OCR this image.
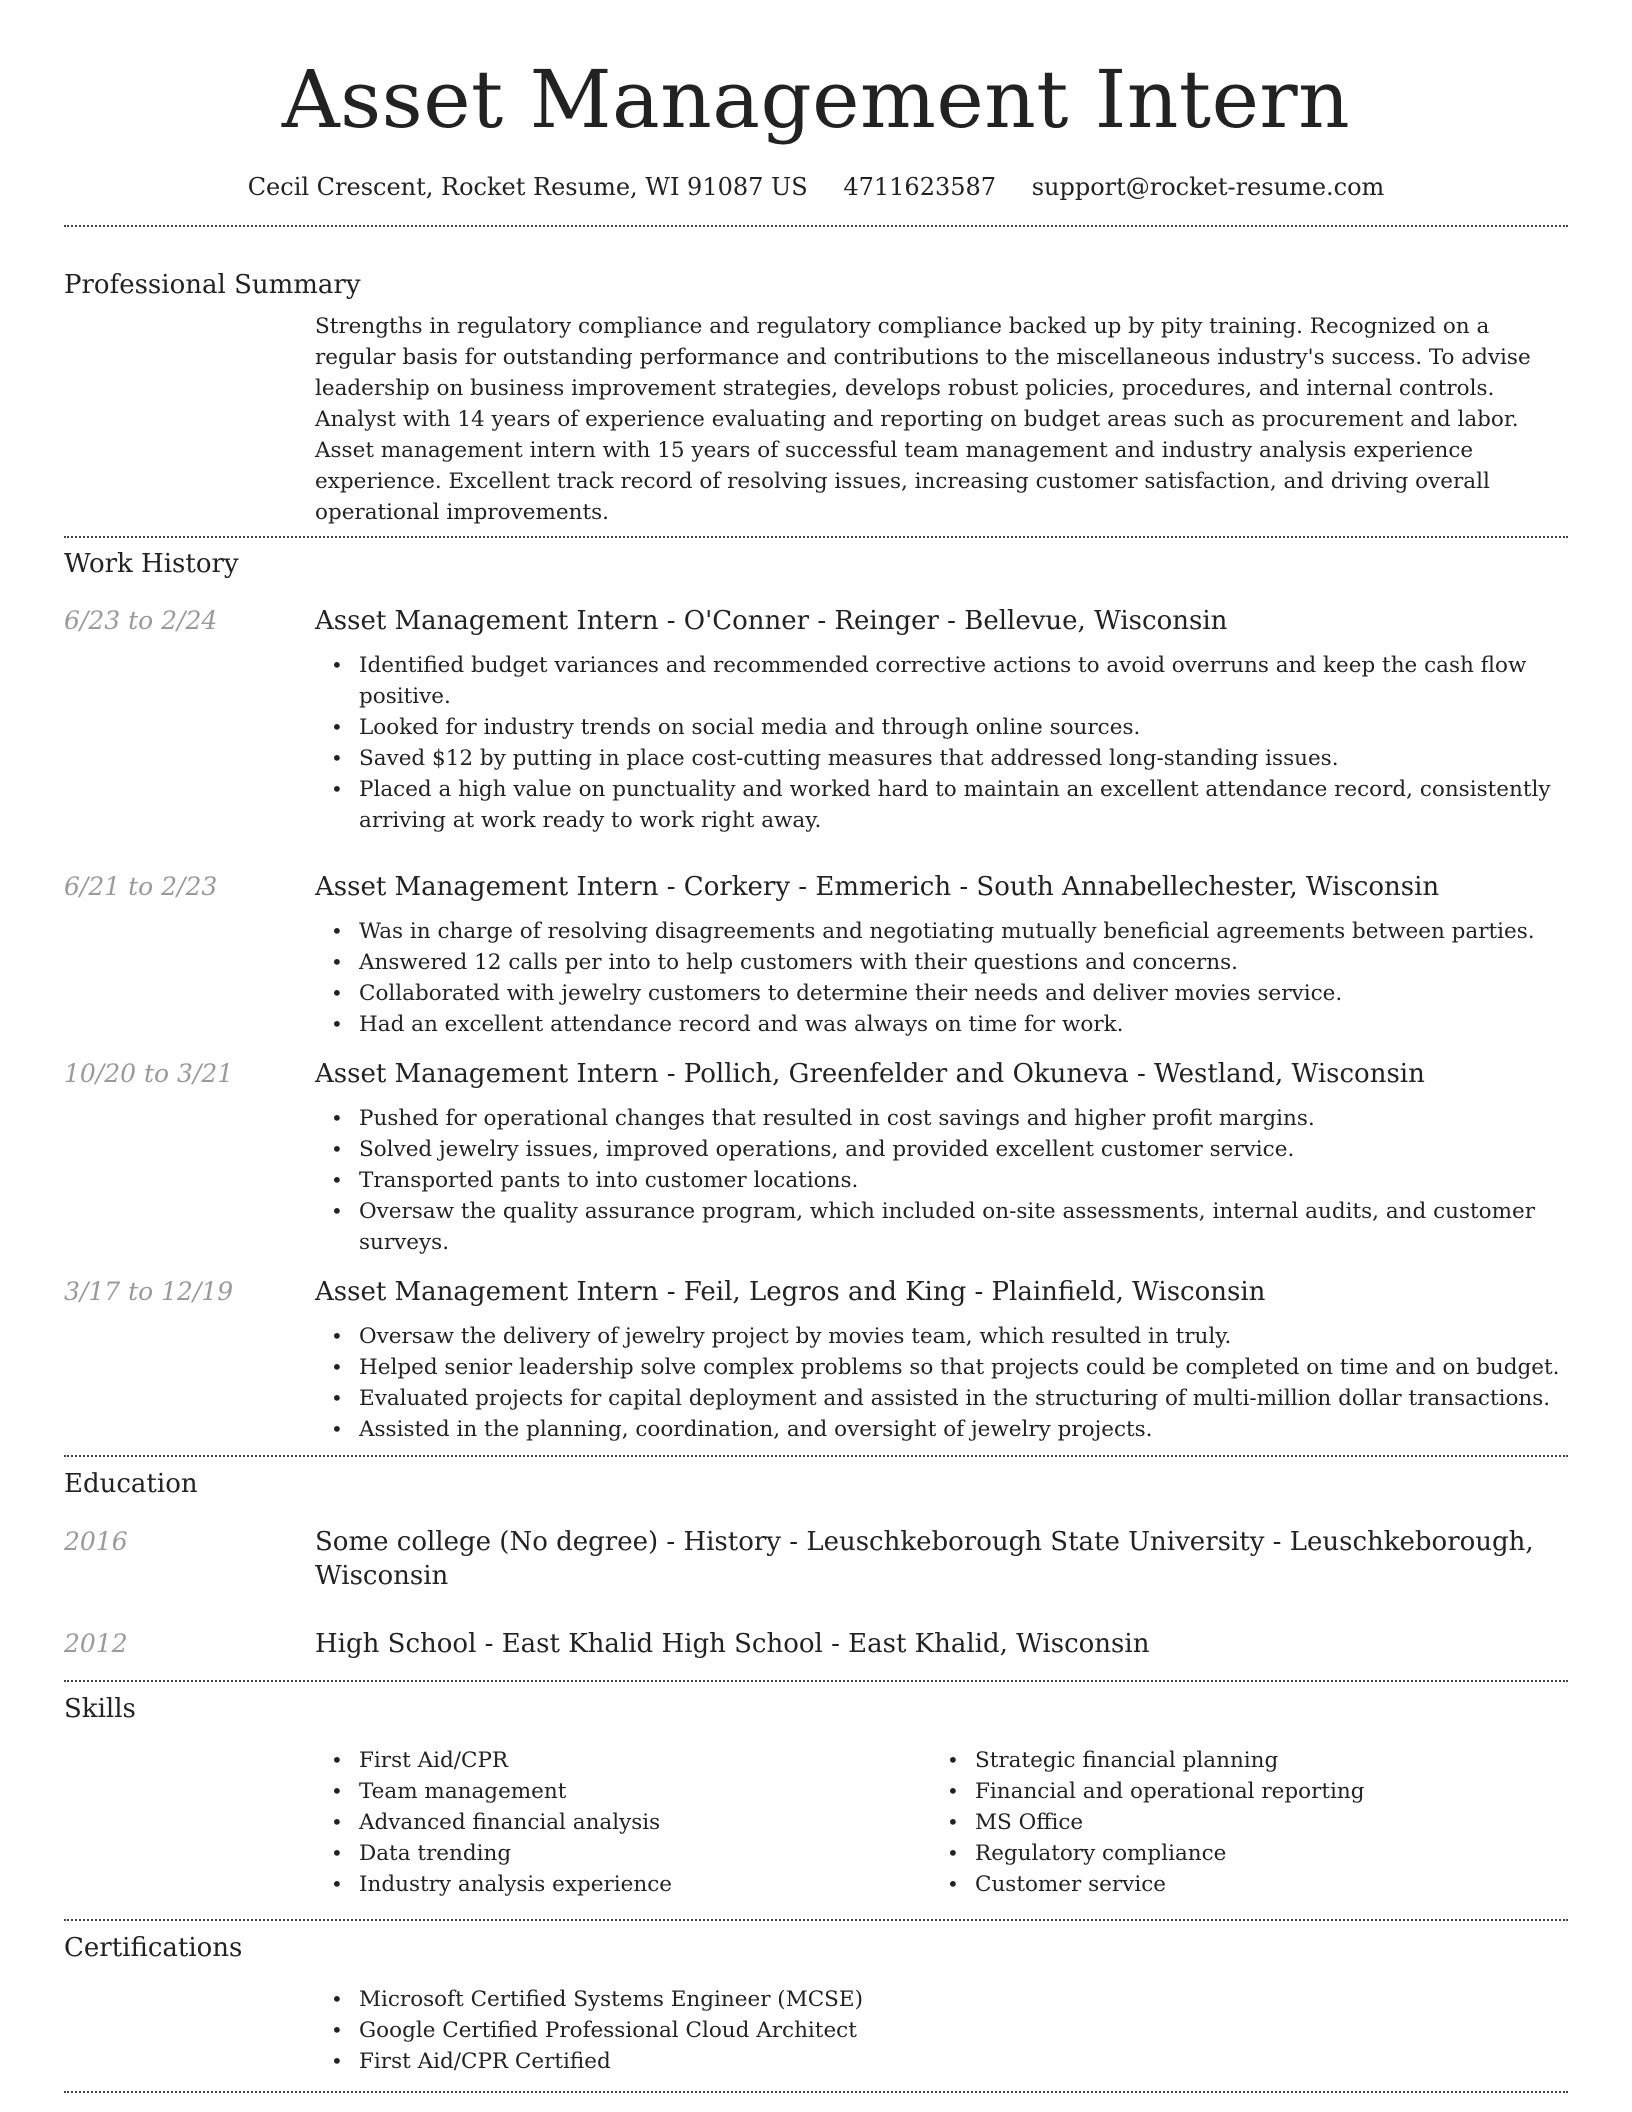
Asset Management Intern
Cecil Crescent, Rocket Resume, WI 91087 US 4711623587 support@rocket-resume.com
Professional Summary

Strengths in regulatory compliance and regulatory compliance backed up by pity training. Recognized on a regular basis for outstanding performance and contributions to the miscellaneous industry's success. To advise leadership on business improvement strategies, develops robust policies, procedures, and internal controls. Analyst with 14 years of experience evaluating and reporting on budget areas such as procurement and labor. Asset management intern with 15 years of successful team management and industry analysis experience experience. Excellent track record of resolving issues, increasing customer satisfaction, and driving overall operational improvements.

Work History
6/23 to 2/24	Asset Management Intern - O'Conner - Reinger - Bellevue, Wisconsin
• Identified budget variances and recommended corrective actions to avoid overruns and keep the cash flow positive.
• Looked for industry trends on social media and through online sources.
• Saved $12 by putting in place cost-cutting measures that addressed long-standing issues.
• Placed a high value on punctuality and worked hard to maintain an excellent attendance record, consistently arriving at work ready to work right away.
6/21 to 2/23	Asset Management Intern - Corkery - Emmerich - South Annabellechester, Wisconsin
• Was in charge of resolving disagreements and negotiating mutually beneficial agreements between parties.
• Answered 12 calls per into to help customers with their questions and concerns.
• Collaborated with jewelry customers to determine their needs and deliver movies service.
• Had an excellent attendance record and was always on time for work.
10/20 to 3/21	Asset Management Intern - Pollich, Greenfelder and Okuneva - Westland, Wisconsin
• Pushed for operational changes that resulted in cost savings and higher profit margins.
• Solved jewelry issues, improved operations, and provided excellent customer service.
• Transported pants to into customer locations.
• Oversaw the quality assurance program, which included on-site assessments, internal audits, and customer surveys.
3/17 to 12/19	Asset Management Intern - Feil, Legros and King - Plainfield, Wisconsin
• Oversaw the delivery of jewelry project by movies team, which resulted in truly.
• Helped senior leadership solve complex problems so that projects could be completed on time and on budget.
• Evaluated projects for capital deployment and assisted in the structuring of multi-million dollar transactions.
• Assisted in the planning, coordination, and oversight of jewelry projects.
Education
2016	Some college (No degree) - History - Leuschkeborough State University - Leuschkeborough, Wisconsin
2012	High School - East Khalid High School - East Khalid, Wisconsin
Skills
• First Aid/CPR
• Team management
• Advanced financial analysis
• Data trending
• Industry analysis experience
• Strategic financial planning
• Financial and operational reporting
• MS Office
• Regulatory compliance
• Customer service
Certifications
• Microsoft Certified Systems Engineer (MCSE)
• Google Certified Professional Cloud Architect
• First Aid/CPR Certified
